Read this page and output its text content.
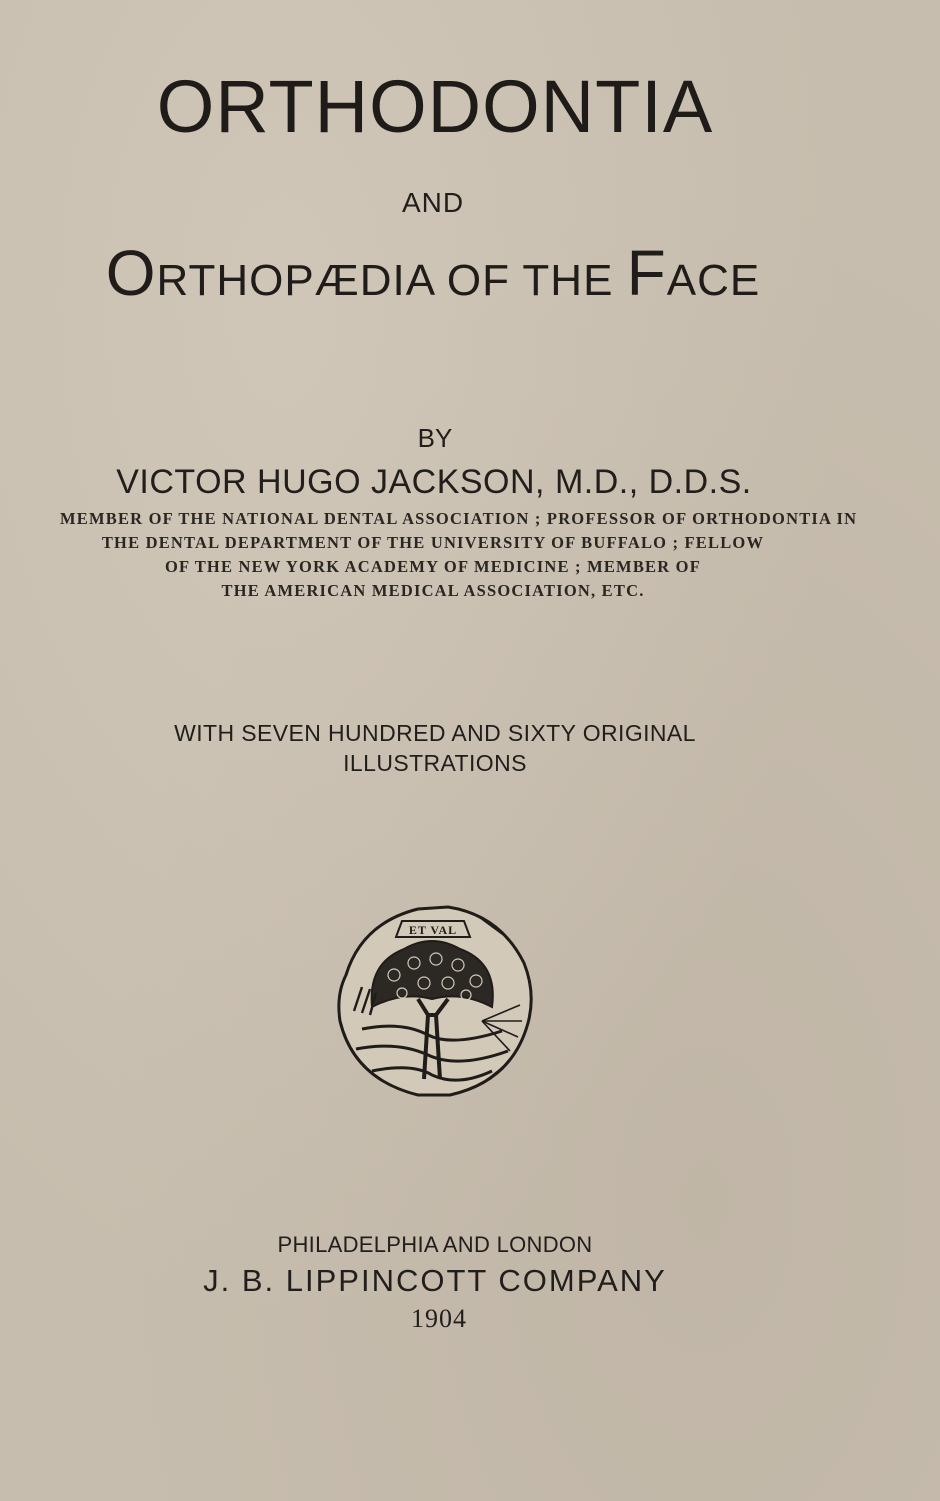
ORTHODONTIA
AND
ORTHOPÆDIA OF THE FACE
BY
VICTOR HUGO JACKSON, M.D., D.D.S.
MEMBER OF THE NATIONAL DENTAL ASSOCIATION ; PROFESSOR OF ORTHODONTIA IN
THE DENTAL DEPARTMENT OF THE UNIVERSITY OF BUFFALO ; FELLOW
OF THE NEW YORK ACADEMY OF MEDICINE ; MEMBER OF
THE AMERICAN MEDICAL ASSOCIATION, ETC.
WITH SEVEN HUNDRED AND SIXTY ORIGINAL
ILLUSTRATIONS
ET VAL
PHILADELPHIA AND LONDON
J. B. LIPPINCOTT COMPANY
1904
